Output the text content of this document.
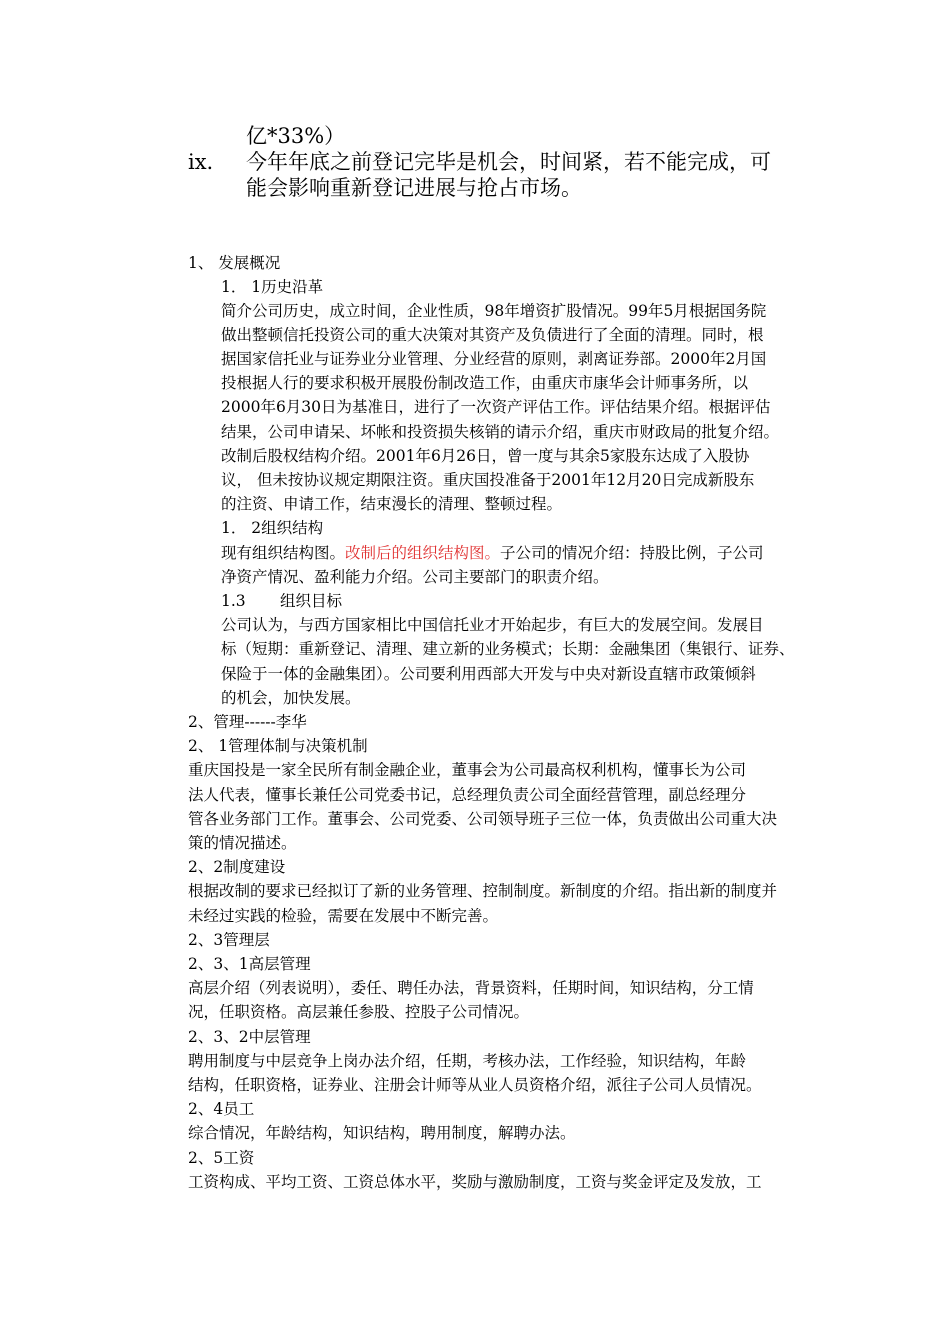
亿*33%）
ix. 今年年底之前登记完毕是机会，时间紧，若不能完成，可
能会影响重新登记进展与抢占市场。
1、 发展概况
1． 1历史沿革
简介公司历史，成立时间，企业性质，98年增资扩股情况。99年5月根据国务院
做出整顿信托投资公司的重大决策对其资产及负债进行了全面的清理。同时，根
据国家信托业与证券业分业管理、分业经营的原则，剥离证券部。2000年2月国
投根据人行的要求积极开展股份制改造工作，由重庆市康华会计师事务所，以
2000年6月30日为基准日，进行了一次资产评估工作。评估结果介绍。根据评估
结果，公司申请呆、坏帐和投资损失核销的请示介绍，重庆市财政局的批复介绍。
改制后股权结构介绍。2001年6月26日，曾一度与其余5家股东达成了入股协
议， 但未按协议规定期限注资。重庆国投准备于2001年12月20日完成新股东
的注资、申请工作，结束漫长的清理、整顿过程。
1． 2组织结构
现有组织结构图。改制后的组织结构图。子公司的情况介绍：持股比例，子公司
净资产情况、盈利能力介绍。公司主要部门的职责介绍。
1.3 组织目标
公司认为，与西方国家相比中国信托业才开始起步，有巨大的发展空间。发展目
标（短期：重新登记、清理、建立新的业务模式；长期：金融集团（集银行、证券、
保险于一体的金融集团）。公司要利用西部大开发与中央对新设直辖市政策倾斜
的机会，加快发展。
2、管理------李华
2、 1管理体制与决策机制
重庆国投是一家全民所有制金融企业，董事会为公司最高权利机构，懂事长为公司
法人代表，懂事长兼任公司党委书记，总经理负责公司全面经营管理，副总经理分
管各业务部门工作。董事会、公司党委、公司领导班子三位一体，负责做出公司重大决
策的情况描述。
2、2制度建设
根据改制的要求已经拟订了新的业务管理、控制制度。新制度的介绍。指出新的制度并
未经过实践的检验，需要在发展中不断完善。
2、3管理层
2、3、1高层管理
高层介绍（列表说明），委任、聘任办法，背景资料，任期时间，知识结构，分工情
况，任职资格。高层兼任参股、控股子公司情况。
2、3、2中层管理
聘用制度与中层竞争上岗办法介绍，任期，考核办法，工作经验，知识结构，年龄
结构，任职资格，证券业、注册会计师等从业人员资格介绍，派往子公司人员情况。
2、4员工
综合情况，年龄结构，知识结构，聘用制度，解聘办法。
2、5工资
工资构成、平均工资、工资总体水平，奖励与激励制度，工资与奖金评定及发放，工
